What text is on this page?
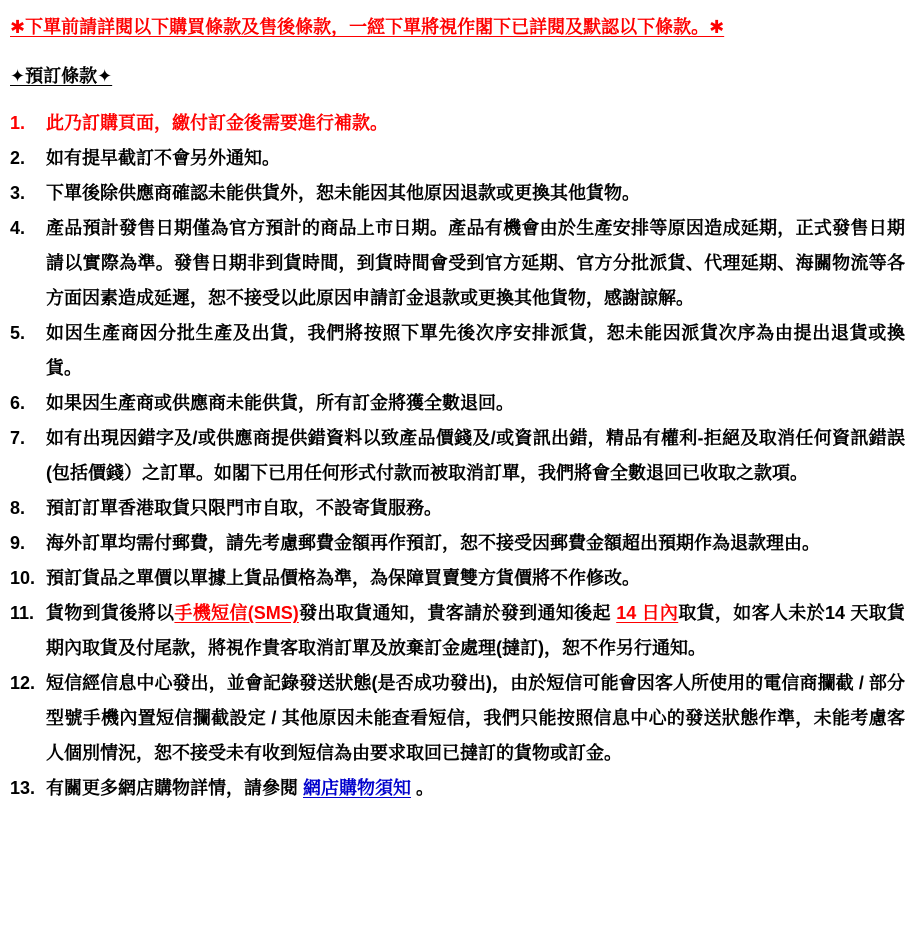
✱下單前請詳閱以下購買條款及售後條款，一經下單將視作閣下已詳閱及默認以下條款。✱
✦預訂條款✦
1.	此乃訂購頁面，繳付訂金後需要進行補款。
2.	如有提早截訂不會另外通知。
3.	下單後除供應商確認未能供貨外，恕未能因其他原因退款或更換其他貨物。
4.	產品預計發售日期僅為官方預計的商品上市日期。產品有機會由於生產安排等原因造成延期，正式發售日期請以實際為準。發售日期非到貨時間，到貨時間會受到官方延期、官方分批派貨、代理延期、海關物流等各方面因素造成延遲，恕不接受以此原因申請訂金退款或更換其他貨物，感謝諒解。
5.	如因生產商因分批生產及出貨，我們將按照下單先後次序安排派貨，恕未能因派貨次序為由提出退貨或換貨。
6.	如果因生產商或供應商未能供貨，所有訂金將獲全數退回。
7.	如有出現因錯字及/或供應商提供錯資料以致產品價錢及/或資訊出錯，精品有權利-拒絕及取消任何資訊錯誤(包括價錢）之訂單。如閣下已用任何形式付款而被取消訂單，我們將會全數退回已收取之款項。
8.	預訂訂單香港取貨只限門市自取，不設寄貨服務。
9.	海外訂單均需付郵費，請先考慮郵費金額再作預訂，恕不接受因郵費金額超出預期作為退款理由。
10. 預訂貨品之單價以單據上貨品價格為準，為保障買賣雙方貨價將不作修改。
11. 貨物到貨後將以手機短信(SMS)發出取貨通知，貴客請於發到通知後起 14 日內取貨，如客人未於14 天取貨期內取貨及付尾款，將視作貴客取消訂單及放棄訂金處理(撻訂)，恕不作另行通知。
12. 短信經信息中心發出，並會記錄發送狀態(是否成功發出)，由於短信可能會因客人所使用的電信商攔截 / 部分型號手機內置短信攔截設定 / 其他原因未能查看短信，我們只能按照信息中心的發送狀態作準，未能考慮客人個別情況，恕不接受未有收到短信為由要求取回已撻訂的貨物或訂金。
13. 有關更多網店購物詳情，請參閱 網店購物須知 。
